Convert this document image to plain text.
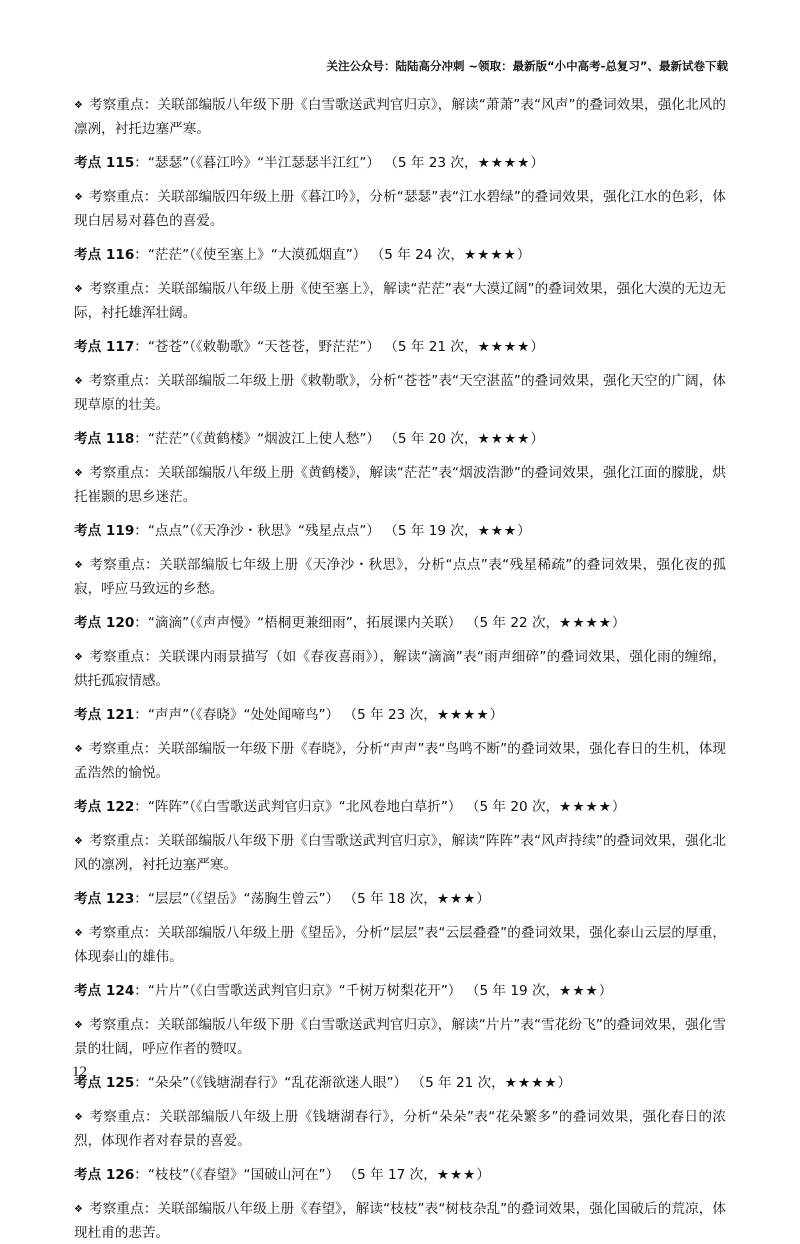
关注公众号：陆陆高分冲刺 ~领取：最新版“小中高考-总复习”、最新试卷下载

❖ 考察重点：关联部编版八年级下册《白雪歌送武判官归京》，解读“萧萧”表“风声”的叠词效果，强化北风的凛冽，衬托边塞严寒。

考点 115：“瑟瑟”（《暮江吟》“半江瑟瑟半江红”） （5 年 23 次，★★★★）

❖ 考察重点：关联部编版四年级上册《暮江吟》，分析“瑟瑟”表“江水碧绿”的叠词效果，强化江水的色彩，体现白居易对暮色的喜爱。

考点 116：“茫茫”（《使至塞上》“大漠孤烟直”） （5 年 24 次，★★★★）

❖ 考察重点：关联部编版八年级上册《使至塞上》，解读“茫茫”表“大漠辽阔”的叠词效果，强化大漠的无边无际，衬托雄浑壮阔。

考点 117：“苍苍”（《敕勒歌》“天苍苍，野茫茫”） （5 年 21 次，★★★★）

❖ 考察重点：关联部编版二年级上册《敕勒歌》，分析“苍苍”表“天空湛蓝”的叠词效果，强化天空的广阔，体现草原的壮美。

考点 118：“茫茫”（《黄鹤楼》“烟波江上使人愁”） （5 年 20 次，★★★★）

❖ 考察重点：关联部编版八年级上册《黄鹤楼》，解读“茫茫”表“烟波浩渺”的叠词效果，强化江面的朦胧，烘托崔颢的思乡迷茫。

考点 119：“点点”（《天净沙・秋思》“残星点点”） （5 年 19 次，★★★）

❖ 考察重点：关联部编版七年级上册《天净沙・秋思》，分析“点点”表“残星稀疏”的叠词效果，强化夜的孤寂，呼应马致远的乡愁。

考点 120：“滴滴”（《声声慢》“梧桐更兼细雨”，拓展课内关联） （5 年 22 次，★★★★）

❖ 考察重点：关联课内雨景描写（如《春夜喜雨》），解读“滴滴”表“雨声细碎”的叠词效果，强化雨的缠绵，烘托孤寂情感。

考点 121：“声声”（《春晓》“处处闻啼鸟”） （5 年 23 次，★★★★）

❖ 考察重点：关联部编版一年级下册《春晓》，分析“声声”表“鸟鸣不断”的叠词效果，强化春日的生机，体现孟浩然的愉悦。

考点 122：“阵阵”（《白雪歌送武判官归京》“北风卷地白草折”） （5 年 20 次，★★★★）

❖ 考察重点：关联部编版八年级下册《白雪歌送武判官归京》，解读“阵阵”表“风声持续”的叠词效果，强化北风的凛冽，衬托边塞严寒。

考点 123：“层层”（《望岳》“荡胸生曾云”） （5 年 18 次，★★★）

❖ 考察重点：关联部编版八年级上册《望岳》，分析“层层”表“云层叠叠”的叠词效果，强化泰山云层的厚重，体现泰山的雄伟。

考点 124：“片片”（《白雪歌送武判官归京》“千树万树梨花开”） （5 年 19 次，★★★）

❖ 考察重点：关联部编版八年级下册《白雪歌送武判官归京》，解读“片片”表“雪花纷飞”的叠词效果，强化雪景的壮阔，呼应作者的赞叹。

考点 125：“朵朵”（《钱塘湖春行》“乱花渐欲迷人眼”） （5 年 21 次，★★★★）

❖ 考察重点：关联部编版八年级上册《钱塘湖春行》，分析“朵朵”表“花朵繁多”的叠词效果，强化春日的浓烈，体现作者对春景的喜爱。

考点 126：“枝枝”（《春望》“国破山河在”） （5 年 17 次，★★★）

❖ 考察重点：关联部编版八年级上册《春望》，解读“枝枝”表“树枝杂乱”的叠词效果，强化国破后的荒凉，体现杜甫的悲苦。

12
